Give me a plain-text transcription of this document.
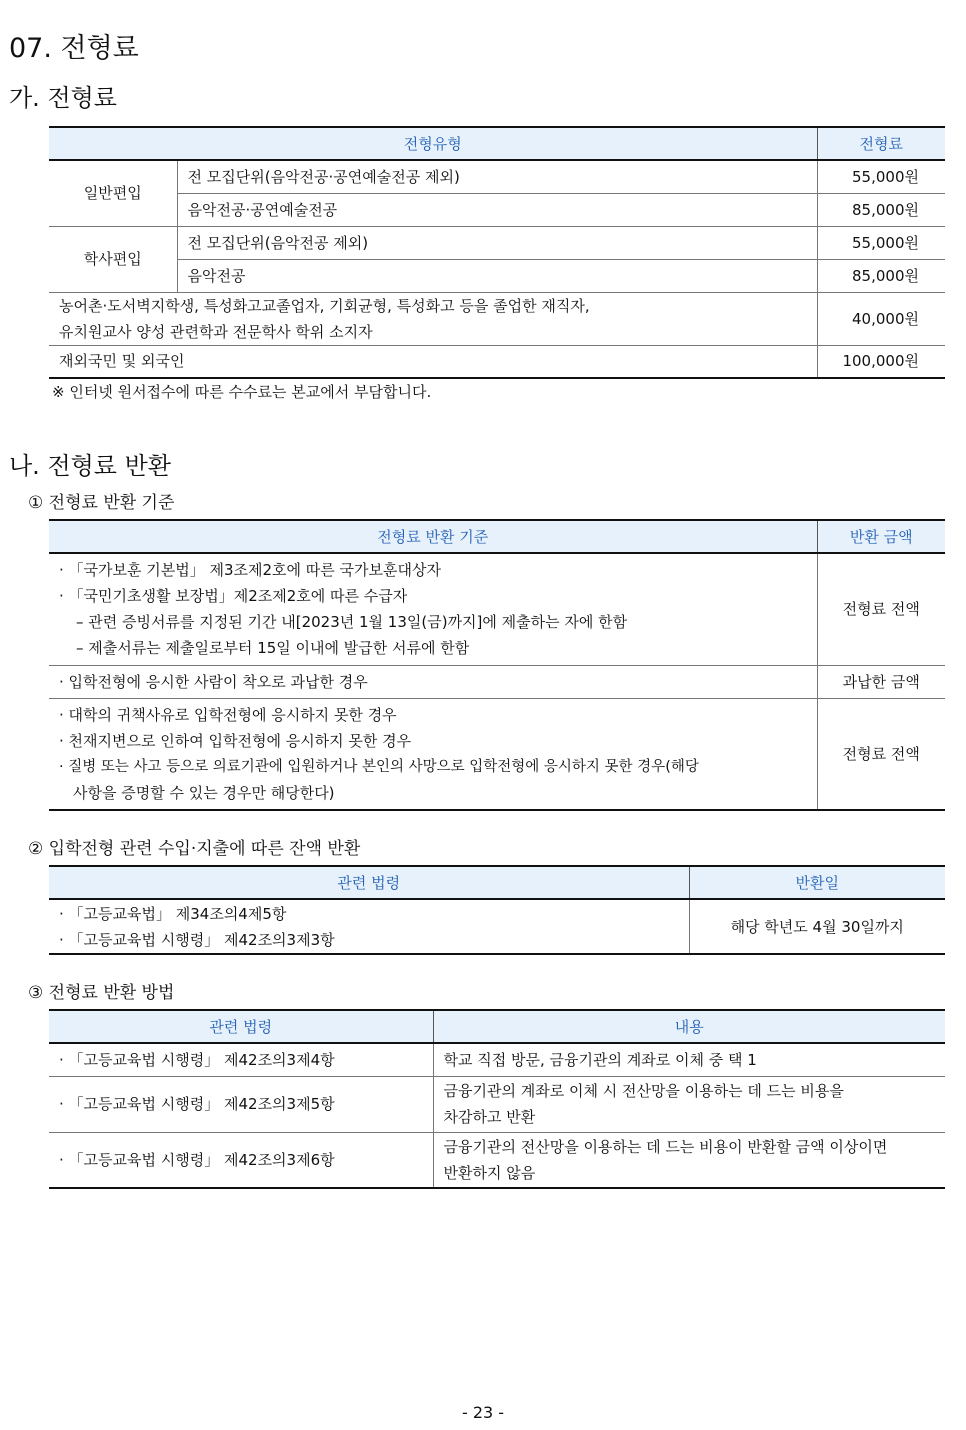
07. 전형료
가. 전형료
전형유형		전형료
일반편입	전 모집단위(음악전공·공연예술전공 제외)	55,000원
	음악전공·공연예술전공	85,000원
학사편입	전 모집단위(음악전공 제외)	55,000원
	음악전공	85,000원

농어촌·도서벽지학생, 특성화고교졸업자, 기회균형, 특성화고 등을 졸업한 재직자,
유치원교사 양성 관련학과 전문학사 학위 소지자		40,000원
재외국민 및 외국인		100,000원
※ 인터넷 원서접수에 따른 수수료는 본교에서 부담합니다.
나. 전형료 반환
① 전형료 반환 기준
전형료 반환 기준	반환 금액

· 「국가보훈 기본법」 제3조제2호에 따른 국가보훈대상자
· 「국민기초생활 보장법」제2조제2호에 따른 수급자
– 관련 증빙서류를 지정된 기간 내[2023년 1월 13일(금)까지]에 제출하는 자에 한함
– 제출서류는 제출일로부터 15일 이내에 발급한 서류에 한함	전형료 전액
· 입학전형에 응시한 사람이 착오로 과납한 경우	과납한 금액

· 대학의 귀책사유로 입학전형에 응시하지 못한 경우
· 천재지변으로 인하여 입학전형에 응시하지 못한 경우
· 질병 또는 사고 등으로 의료기관에 입원하거나 본인의 사망으로 입학전형에 응시하지 못한 경우(해당
사항을 증명할 수 있는 경우만 해당한다)	전형료 전액
② 입학전형 관련 수입·지출에 따른 잔액 반환
관련 법령	반환일

· 「고등교육법」 제34조의4제5항
· 「고등교육법 시행령」 제42조의3제3항	해당 학년도 4월 30일까지
③ 전형료 반환 방법
관련 법령	내용
· 「고등교육법 시행령」 제42조의3제4항	학교 직접 방문, 금융기관의 계좌로 이체 중 택 1
· 「고등교육법 시행령」 제42조의3제5항	금융기관의 계좌로 이체 시 전산망을 이용하는 데 드는 비용을
차감하고 반환

· 「고등교육법 시행령」 제42조의3제6항	금융기관의 전산망을 이용하는 데 드는 비용이 반환할 금액 이상이면
반환하지 않음
- 23 -
